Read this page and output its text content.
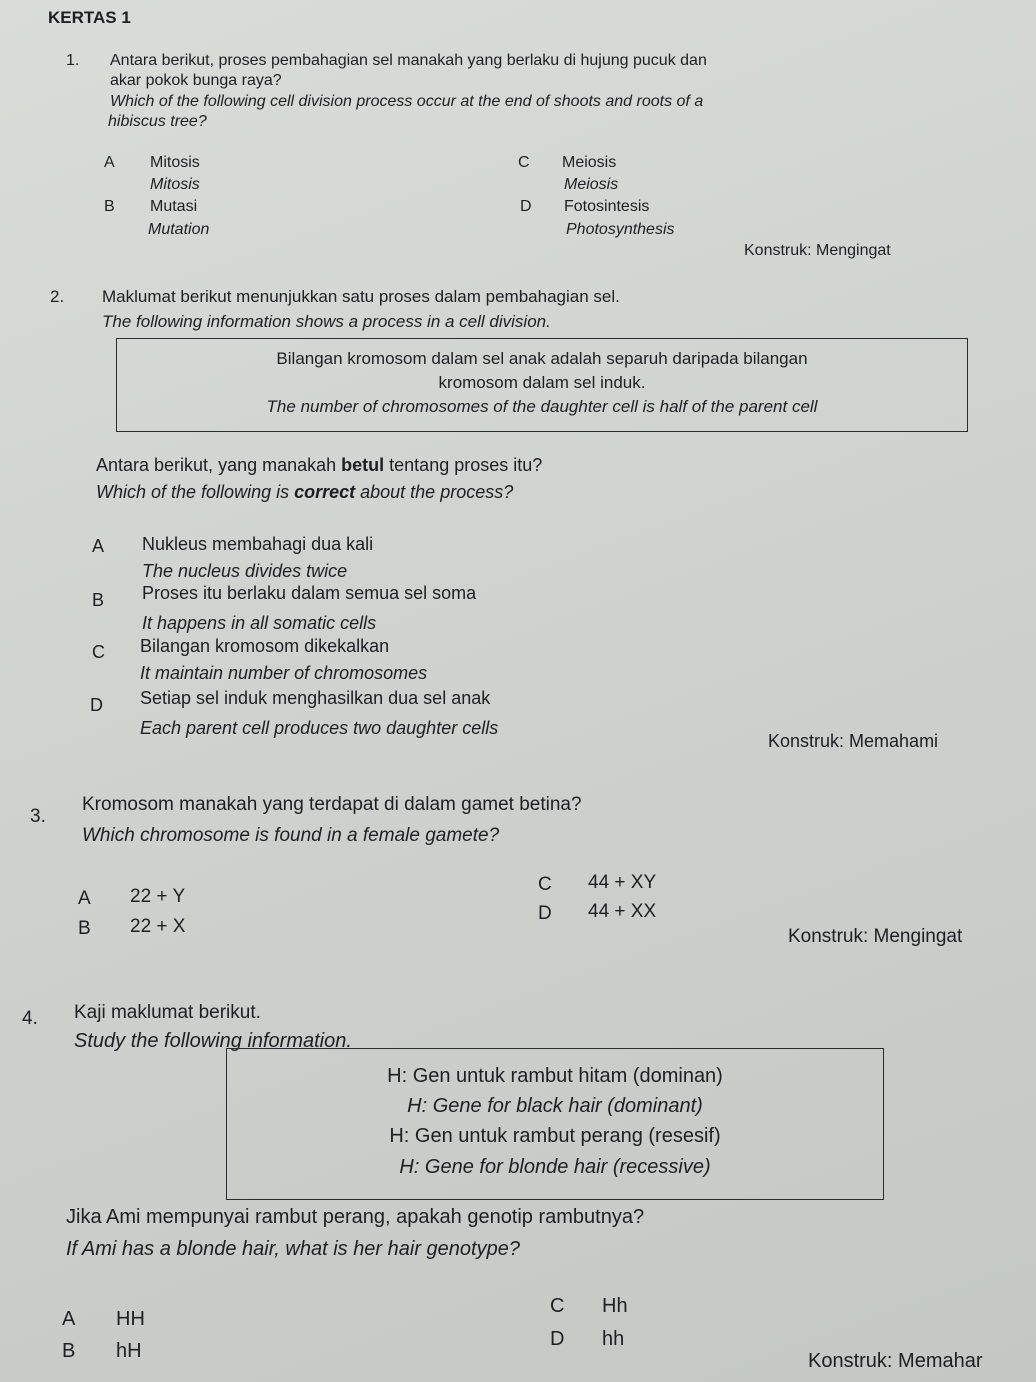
KERTAS 1
1. Antara berikut, proses pembahagian sel manakah yang berlaku di hujung pucuk dan
akar pokok bunga raya?
Which of the following cell division process occur at the end of shoots and roots of a
hibiscus tree?
A Mitosis
Mitosis
B Mutasi
Mutation
C Meiosis
Meiosis
D Fotosintesis
Photosynthesis
Konstruk: Mengingat
2. Maklumat berikut menunjukkan satu proses dalam pembahagian sel.
The following information shows a process in a cell division.
Bilangan kromosom dalam sel anak adalah separuh daripada bilangan
kromosom dalam sel induk.
The number of chromosomes of the daughter cell is half of the parent cell
Antara berikut, yang manakah betul tentang proses itu?
Which of the following is correct about the process?
A Nukleus membahagi dua kali
The nucleus divides twice
B Proses itu berlaku dalam semua sel soma
It happens in all somatic cells
C Bilangan kromosom dikekalkan
It maintain number of chromosomes
D Setiap sel induk menghasilkan dua sel anak
Each parent cell produces two daughter cells
Konstruk: Memahami
3.
Kromosom manakah yang terdapat di dalam gamet betina?
Which chromosome is found in a female gamete?
A 22 + Y
B 22 + X
C 44 + XY
D 44 + XX
Konstruk: Mengingat
4. Kaji maklumat berikut.
Study the following information.
H: Gen untuk rambut hitam (dominan)
H: Gene for black hair (dominant)
H: Gen untuk rambut perang (resesif)
H: Gene for blonde hair (recessive)
Jika Ami mempunyai rambut perang, apakah genotip rambutnya?
If Ami has a blonde hair, what is her hair genotype?
A HH
B hH
C Hh
D hh
Konstruk: Memahar
